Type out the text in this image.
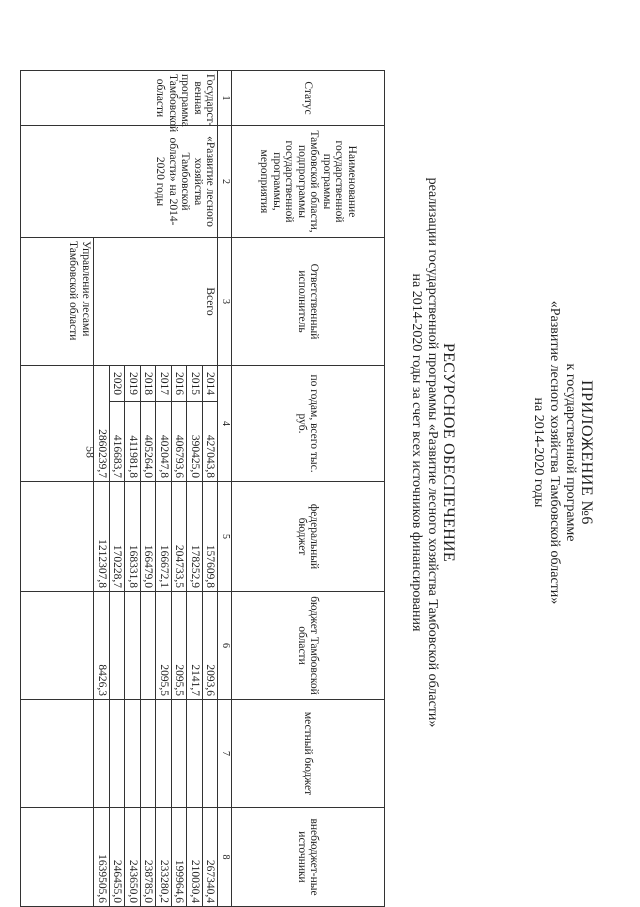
58	ПРИЛОЖЕНИЕ №6
к государственной программе
«Развитие лесного хозяйства Тамбовской области»
на 2014-2020 годы
РЕСУРСНОЕ ОБЕСПЕЧЕНИЕ
реализации государственной программы «Развитие лесного хозяйства Тамбовской области»
на 2014-2020 годы за счет всех источников финансирования
Статус	Наименование государственной программы Тамбовской области, подпрограммы государственной программы, мероприятия	Ответственный исполнитель	по годам, всего тыс. руб.		федеральный бюджет	бюджет Тамбовской области	местный бюджет	внебюджет-ные источники
1	2	3	4		5	6	7	8
Государст-венная программа Тамбовской области	«Развитие лесного хозяйства Тамбовской области» на 2014-2020 годы	Всего	2014	427043,8	157609,8	2093,6		267340,4
			2015	390425,0	178252,9	2141,7		210030,4
			2016	406793,6	204733,5	2095,5		199964,6
			2017	402047,8	166672,1	2095,5		233280,2
			2018	405264,0	166479,0			238785,0
			2019	411981,8	168331,8			243650,0
			2020	416683,7	170228,7			246455,0
			2860239,7		1212307,8	8426,3		1639505,6
		Управление лесами Тамбовской области						
